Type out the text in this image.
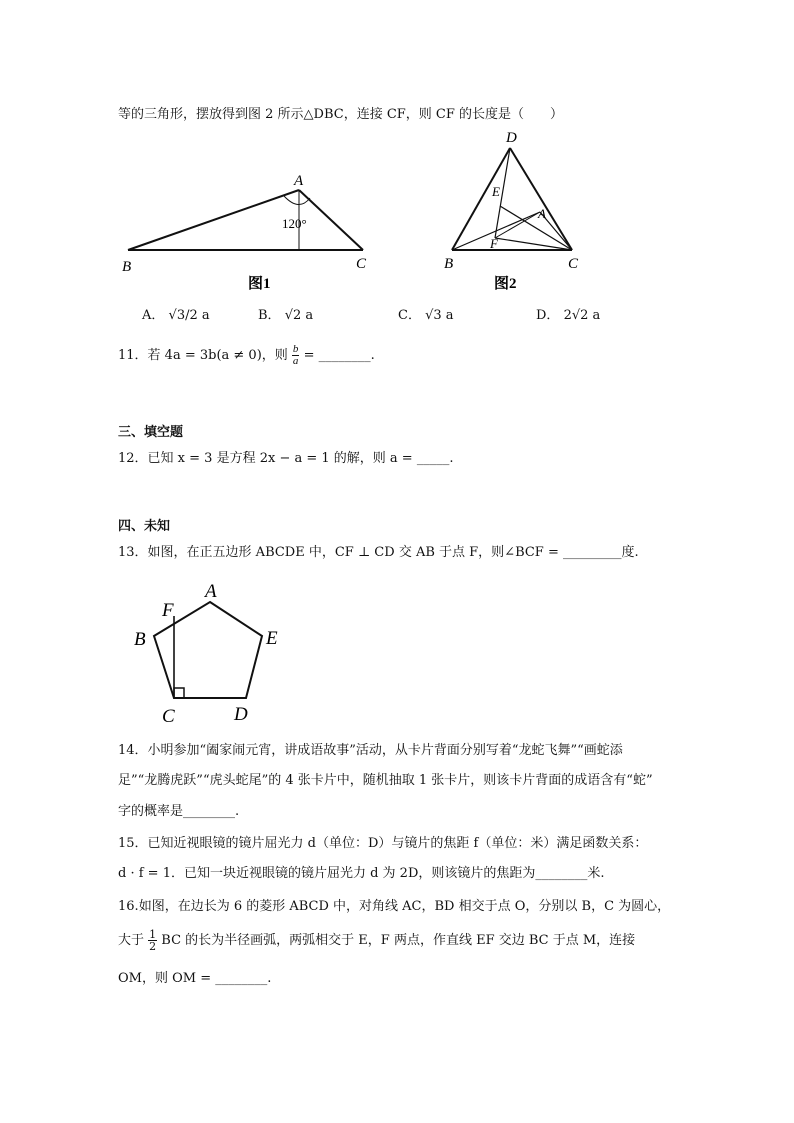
等的三角形，摆放得到图 2 所示△DBC，连接 CF，则 CF 的长度是（　　）
A
B	C
120°
图1
D
E
A
F
B	C
图2
A． √3/2 a	B． √2 a	C． √3 a	D． 2√2 a
11．若 4a = 3b(a ≠ 0)，则 $\frac{b}{a}$ = ________.
三、填空题
12．已知 x = 3 是方程 2x − a = 1 的解，则 a = _____.
四、未知
13．如图，在正五边形 ABCDE 中，CF ⊥ CD 交 AB 于点 F，则∠BCF = _________度.
A
B
C	D
E
F
14．小明参加“阖家闹元宵，讲成语故事”活动，从卡片背面分别写着“龙蛇飞舞”“画蛇添
足”“龙腾虎跃”“虎头蛇尾”的 4 张卡片中，随机抽取 1 张卡片，则该卡片背面的成语含有“蛇”
字的概率是________.
15．已知近视眼镜的镜片屈光力 d（单位：D）与镜片的焦距 f（单位：米）满足函数关系：
d · f = 1．已知一块近视眼镜的镜片屈光力 d 为 2D，则该镜片的焦距为________米.
16.如图，在边长为 6 的菱形 ABCD 中，对角线 AC，BD 相交于点 O，分别以 B，C 为圆心，
大于 $\frac{1}{2}$ BC 的长为半径画弧，两弧相交于 E，F 两点，作直线 EF 交边 BC 于点 M，连接
OM，则 OM = ________.
